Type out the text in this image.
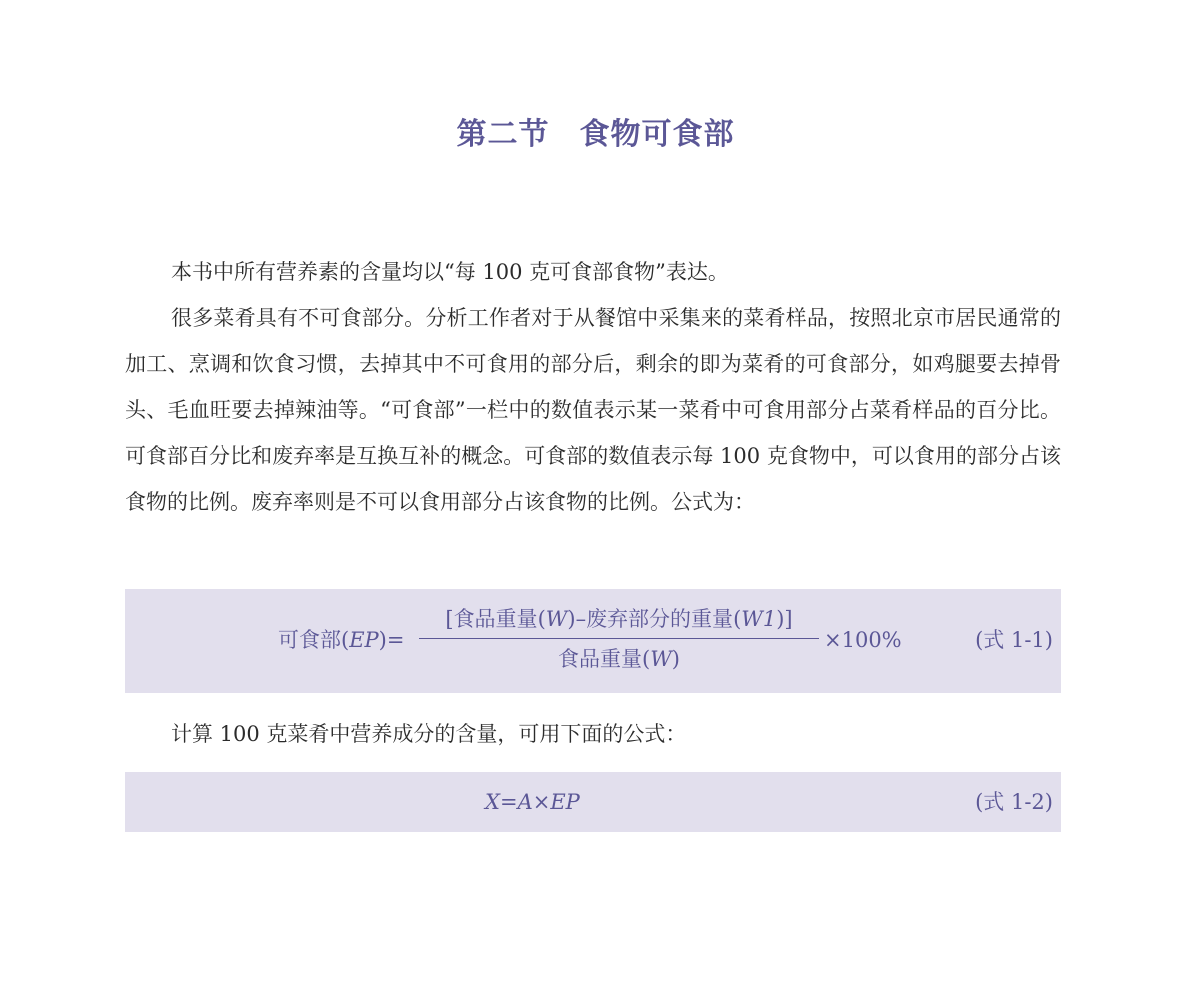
第二节 食物可食部

本书中所有营养素的含量均以“每 100 克可食部食物”表达。

很多菜肴具有不可食部分。分析工作者对于从餐馆中采集来的菜肴样品，按照北京市居民通常的加工、烹调和饮食习惯，去掉其中不可食用的部分后，剩余的即为菜肴的可食部分，如鸡腿要去掉骨头、毛血旺要去掉辣油等。“可食部”一栏中的数值表示某一菜肴中可食用部分占菜肴样品的百分比。可食部百分比和废弃率是互换互补的概念。可食部的数值表示每 100 克食物中，可以食用的部分占该食物的比例。废弃率则是不可以食用部分占该食物的比例。公式为：

可食部(EP)=
[食品重量(W)–废弃部分的重量(W1)]
食品重量(W)
×100%	(式 1-1)

计算 100 克菜肴中营养成分的含量，可用下面的公式：

X=A×EP	(式 1-2)
